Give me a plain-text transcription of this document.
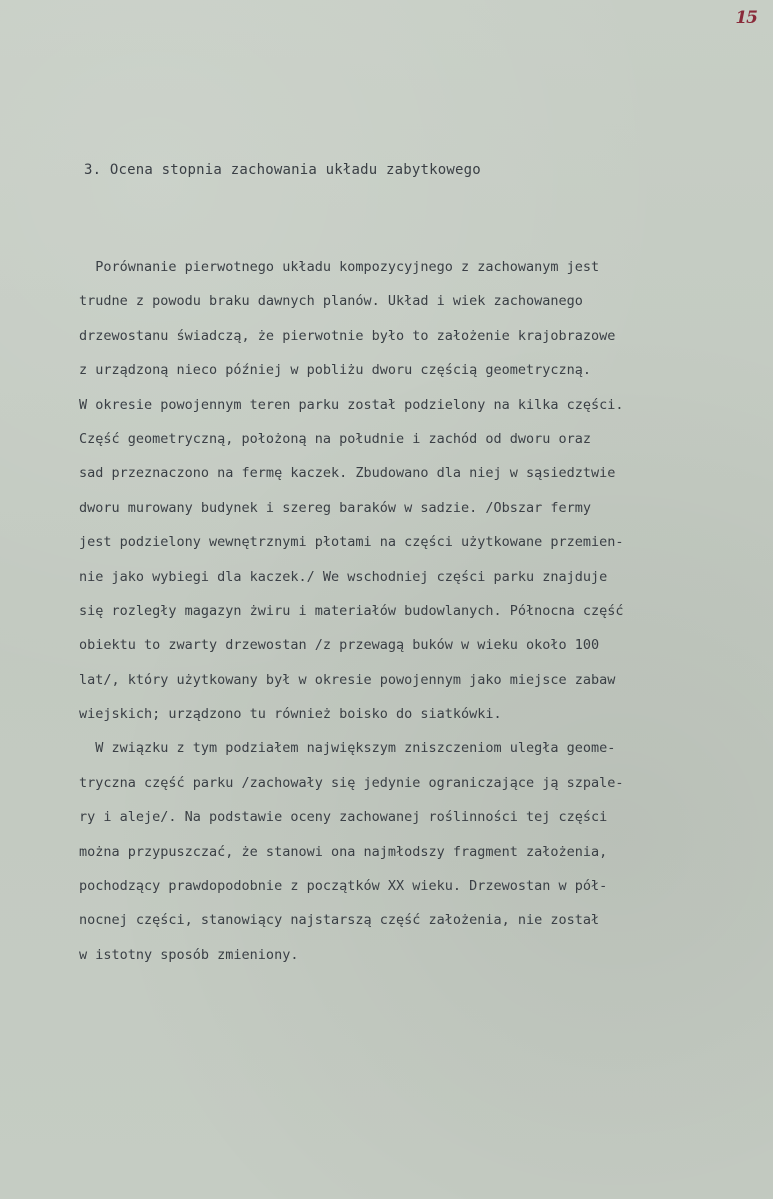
15
3. Ocena stopnia zachowania układu zabytkowego
Porównanie pierwotnego układu kompozycyjnego z zachowanym jest
trudne z powodu braku dawnych planów. Układ i wiek zachowanego
drzewostanu świadczą, że pierwotnie było to założenie krajobrazowe
z urządzoną nieco później w pobliżu dworu częścią geometryczną.
W okresie powojennym teren parku został podzielony na kilka części.
Część geometryczną, położoną na południe i zachód od dworu oraz
sad przeznaczono na fermę kaczek. Zbudowano dla niej w sąsiedztwie
dworu murowany budynek i szereg baraków w sadzie. /Obszar fermy
jest podzielony wewnętrznymi płotami na części użytkowane przemien-
nie jako wybiegi dla kaczek./ We wschodniej części parku znajduje
się rozległy magazyn żwiru i materiałów budowlanych. Północna część
obiektu to zwarty drzewostan /z przewagą buków w wieku około 100
lat/, który użytkowany był w okresie powojennym jako miejsce zabaw
wiejskich; urządzono tu również boisko do siatkówki.
W związku z tym podziałem największym zniszczeniom uległa geome-
tryczna część parku /zachowały się jedynie ograniczające ją szpale-
ry i aleje/. Na podstawie oceny zachowanej roślinności tej części
można przypuszczać, że stanowi ona najmłodszy fragment założenia,
pochodzący prawdopodobnie z początków XX wieku. Drzewostan w pół-
nocnej części, stanowiący najstarszą część założenia, nie został
w istotny sposób zmieniony.
